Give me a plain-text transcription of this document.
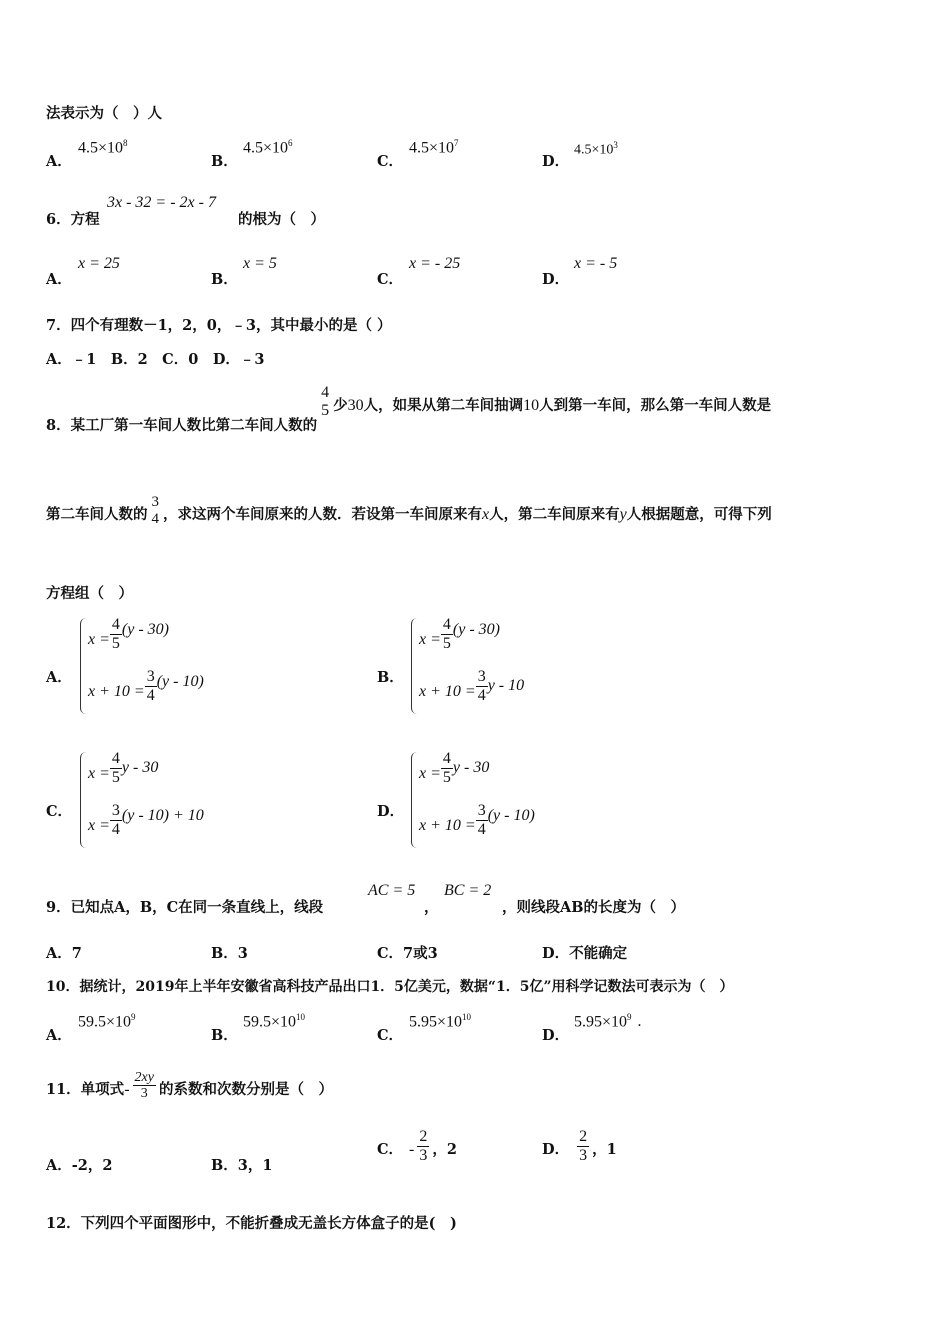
法表示为（　）人
A．
$4.5\times 10^8$
B．
$4.5\times 10^6$
C．
$4.5\times 10^7$
D．
$4.5\times 10^3$
6．方程
3x - 32 = - 2x - 7
的根为（　）
A．
x = 25
B．
x = 5
C．
x = - 25
D．
x = - 5
7．四个有理数－1，2，0，﹣3，其中最小的是（ ）
A．﹣1　B．2　C．0　D．﹣3
8．某工厂第一车间人数比第二车间人数的
4
5 少30人，如果从第二车间抽调10人到第一车间，那么第一车间人数是
第二车间人数的
3
4 ，求这两个车间原来的人数．若设第一车间原来有x人，第二车间原来有y人根据题意，可得下列
方程组（　）
A．
$x = \frac{4}{5} (y - 30)$
$x + 10 = \frac{3}{4} (y - 10)$	B．
$x = \frac{4}{5} (y - 30)$
$x + 10 = \frac{3}{4}$ y - 10
C．
$x = \frac{4}{5}$ y - 30
$x = \frac{3}{4} (y - 10) + 10$	D．
$x = \frac{4}{5}$ y - 30
$x + 10 = \frac{3}{4} (y - 10)$
9．已知点A，B，C在同一条直线上，线段
AC = 5
，
BC = 2
，则线段AB的长度为（　）
A．7	B．3	C．7或3	D．不能确定
10．据统计，2019年上半年安徽省高科技产品出口1．5亿美元，数据“1．5亿”用科学记数法可表示为（　）
A．
$59.5\times 10^9$
B．
$59.5\times 10^{10}$
C．
$5.95\times 10^{10}$
D．
$5.95\times 10^9$ .
11．单项式- $\frac{2xy}{3}$ 的系数和次数分别是（　）
A．-2，2	B．3，1
C． - $\frac{2}{3}$ ，2	D． $\frac{2}{3}$ ，1
12．下列四个平面图形中，不能折叠成无盖长方体盒子的是(　)
